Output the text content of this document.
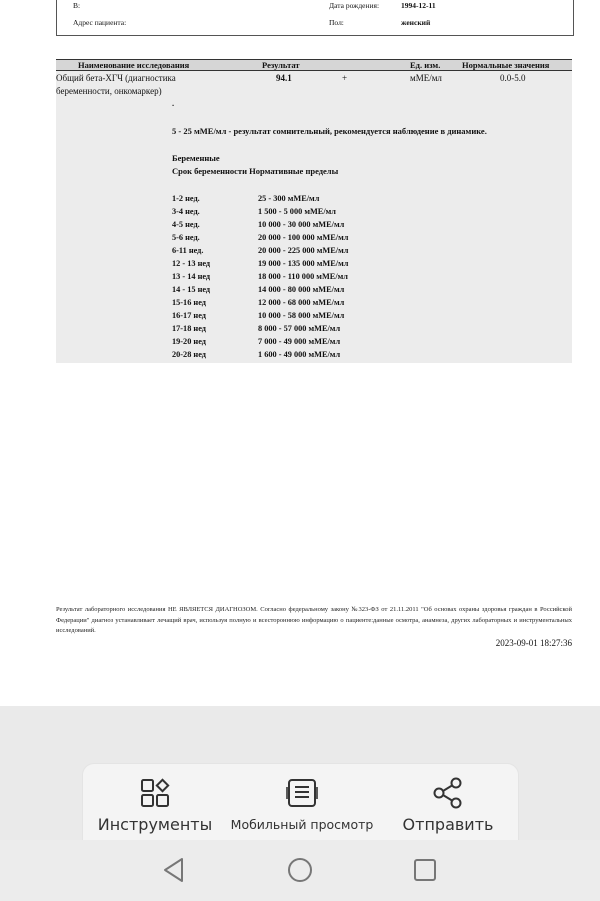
В:
Адрес пациента:
Дата рождения:	1994-12-11
Пол:	женский
Наименование исследования	Результат	Ед. изм.	Нормальные значения
Общий бета-ХГЧ (диагностика
беременности, онкомаркер)
94.1	+	мМЕ/мл	0.0-5.0
.
5 - 25 мМЕ/мл - результат сомнительный, рекомендуется наблюдение в динамике.
Беременные
Срок беременности Нормативные пределы
1-2 нед.	25 - 300 мМЕ/мл
3-4 нед.	1 500 - 5 000 мМЕ/мл
4-5 нед.	10 000 - 30 000 мМЕ/мл
5-6 нед.	20 000 - 100 000 мМЕ/мл
6-11 нед.	20 000 - 225 000 мМЕ/мл
12 - 13 нед	19 000 - 135 000 мМЕ/мл
13 - 14 нед	18 000 - 110 000 мМЕ/мл
14 - 15 нед	14 000 - 80 000 мМЕ/мл
15-16 нед	12 000 - 68 000 мМЕ/мл
16-17 нед	10 000 - 58 000 мМЕ/мл
17-18 нед	8 000 - 57 000 мМЕ/мл
19-20 нед	7 000 - 49 000 мМЕ/мл
20-28 нед	1 600 - 49 000 мМЕ/мл

Результат лабораторного исследования НЕ ЯВЛЯЕТСЯ ДИАГНОЗОМ. Согласно федеральному закону №323-ФЗ от 21.11.2011 "Об основах охраны здоровья граждан в Российской Федерации" диагноз устанавливает лечащий врач, используя полную и всестороннюю информацию о пациенте:данные осмотра, анамнеза, других лабораторных и инструментальных исследований.

2023-09-01 18:27:36
Инструменты	Мобильный просмотр	Отправить
